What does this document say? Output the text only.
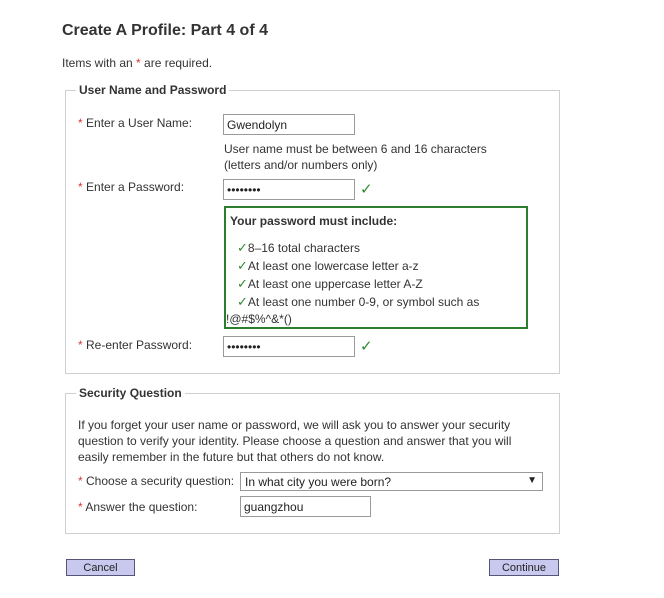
Create A Profile: Part 4 of 4
Items with an * are required.
User Name and Password
* Enter a User Name:
Gwendolyn
User name must be between 6 and 16 characters
(letters and/or numbers only)
* Enter a Password:
••••••••	✓
Your password must include:
✓8–16 total characters
✓At least one lowercase letter a-z
✓At least one uppercase letter A-Z
✓At least one number 0-9, or symbol such as
!@#$%^&*()
* Re-enter Password:
••••••••	✓
Security Question
If you forget your user name or password, we will ask you to answer your security
question to verify your identity. Please choose a question and answer that you will
easily remember in the future but that others do not know.
* Choose a security question: In what city you were born?	▼
* Answer the question:
guangzhou
Cancel	Continue
